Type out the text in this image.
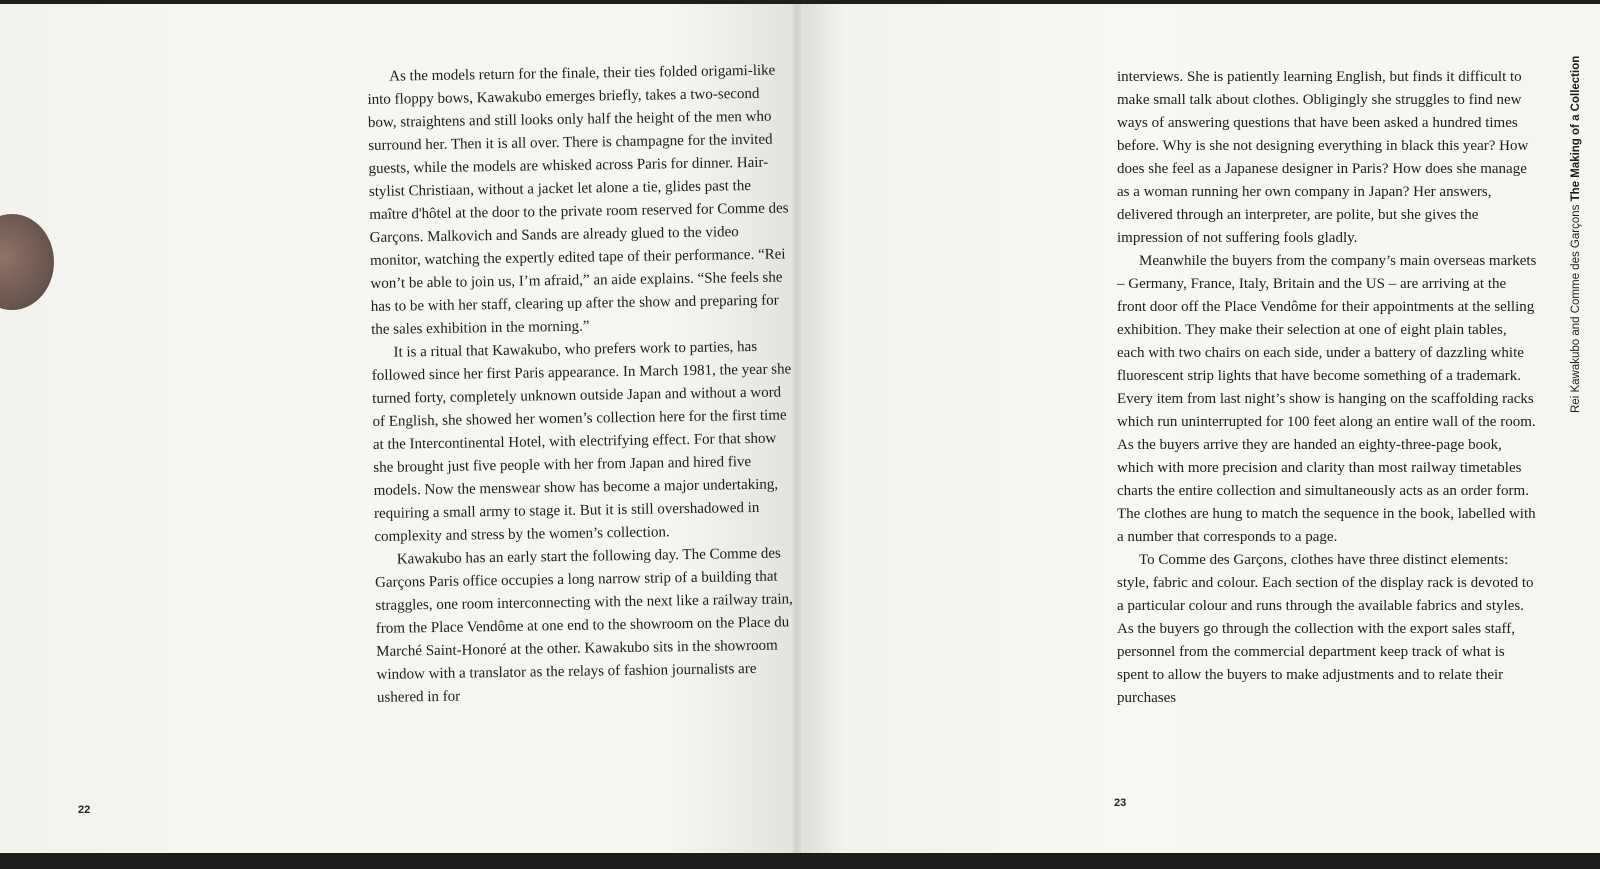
As the models return for the finale, their ties folded origami-like into floppy bows, Kawakubo emerges briefly, takes a two-second bow, straightens and still looks only half the height of the men who surround her. Then it is all over. There is champagne for the invited guests, while the models are whisked across Paris for dinner. Hair-stylist Christiaan, without a jacket let alone a tie, glides past the maître d'hôtel at the door to the private room reserved for Comme des Garçons. Malkovich and Sands are already glued to the video monitor, watching the expertly edited tape of their performance. “Rei won’t be able to join us, I’m afraid,” an aide explains. “She feels she has to be with her staff, clearing up after the show and preparing for the sales exhibition in the morning.”

It is a ritual that Kawakubo, who prefers work to parties, has followed since her first Paris appearance. In March 1981, the year she turned forty, completely unknown outside Japan and without a word of English, she showed her women’s collection here for the first time at the Intercontinental Hotel, with electrifying effect. For that show she brought just five people with her from Japan and hired five models. Now the menswear show has become a major undertaking, requiring a small army to stage it. But it is still overshadowed in complexity and stress by the women’s collection.

Kawakubo has an early start the following day. The Comme des Garçons Paris office occupies a long narrow strip of a building that straggles, one room interconnecting with the next like a railway train, from the Place Vendôme at one end to the showroom on the Place du Marché Saint-Honoré at the other. Kawakubo sits in the showroom window with a translator as the relays of fashion journalists are ushered in for

22

interviews. She is patiently learning English, but finds it difficult to make small talk about clothes. Obligingly she struggles to find new ways of answering questions that have been asked a hundred times before. Why is she not designing everything in black this year? How does she feel as a Japanese designer in Paris? How does she manage as a woman running her own company in Japan? Her answers, delivered through an interpreter, are polite, but she gives the impression of not suffering fools gladly.

Meanwhile the buyers from the company’s main overseas markets – Germany, France, Italy, Britain and the US – are arriving at the front door off the Place Vendôme for their appointments at the selling exhibition. They make their selection at one of eight plain tables, each with two chairs on each side, under a battery of dazzling white fluorescent strip lights that have become something of a trademark. Every item from last night’s show is hanging on the scaffolding racks which run uninterrupted for 100 feet along an entire wall of the room. As the buyers arrive they are handed an eighty-three-page book, which with more precision and clarity than most railway timetables charts the entire collection and simultaneously acts as an order form. The clothes are hung to match the sequence in the book, labelled with a number that corresponds to a page.

To Comme des Garçons, clothes have three distinct elements: style, fabric and colour. Each section of the display rack is devoted to a particular colour and runs through the available fabrics and styles. As the buyers go through the collection with the export sales staff, personnel from the commercial department keep track of what is spent to allow the buyers to make adjustments and to relate their purchases

23
Rei Kawakubo and Comme des Garçons The Making of a Collection
